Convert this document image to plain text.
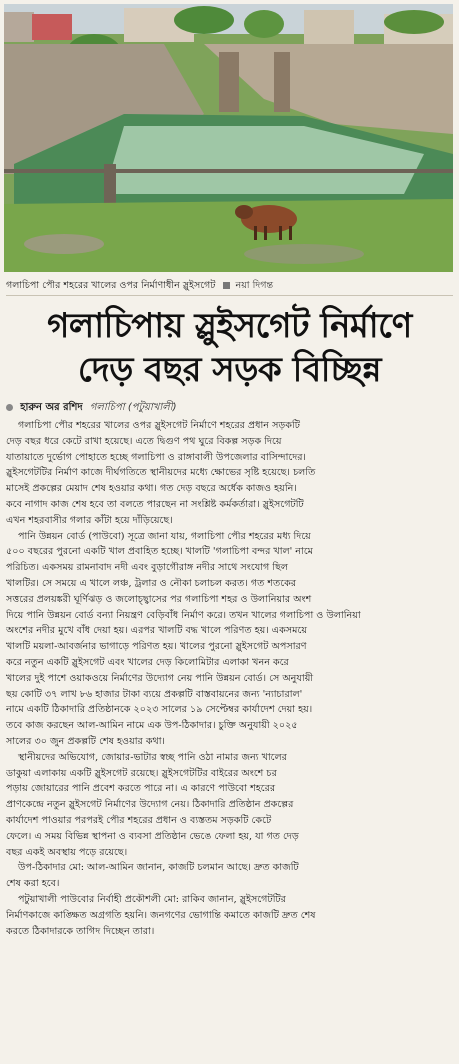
গলাচিপা পৌর শহরের খালের ওপর নির্মাণাধীন স্লুইসগেট নয়া দিগন্ত
গলাচিপায় স্লুইসগেট নির্মাণে
দেড় বছর সড়ক বিচ্ছিন্ন
হারুন অর রশিদ গলাচিপা (পটুয়াখালী)
গলাচিপা পৌর শহরের খালের ওপর স্লুইসগেট নির্মাণে শহরের প্রধান সড়কটি
দেড় বছর ধরে কেটে রাখা হয়েছে। এতে দ্বিগুণ পথ ঘুরে বিকল্প সড়ক দিয়ে
যাতায়াতে দুর্ভোগ পোহাতে হচ্ছে গলাচিপা ও রাঙ্গাবালী উপজেলার বাসিন্দাদের।
স্লুইসগেটটির নির্মাণ কাজে দীর্ঘগতিতে স্থানীয়দের মধ্যে ক্ষোভের সৃষ্টি হয়েছে। চলতি
মাসেই প্রকল্পের মেয়াদ শেষ হওয়ার কথা। গত দেড় বছরে অর্ধেক কাজও হয়নি।
কবে নাগাদ কাজ শেষ হবে তা বলতে পারছেন না সংশ্লিষ্ট কর্মকর্তারা। স্লুইসগেটটি
এখন শহরবাসীর গলার কাঁটা হয়ে দাঁড়িয়েছে।
পানি উন্নয়ন বোর্ড (পাউবো) সূত্রে জানা যায়, গলাচিপা পৌর শহরের মধ্য দিয়ে
৫০০ বছরের পুরনো একটি খাল প্রবাহিত হচ্ছে। খালটি 'গলাচিপা বন্দর খাল' নামে
পরিচিত। একসময় রামনাবাদ নদী এবং বুড়াগৌরাঙ্গ নদীর সাথে সংযোগ ছিল
খালটির। সে সময়ে এ খালে লঞ্চ, ট্রলার ও নৌকা চলাচল করত। গত শতকের
সত্তরের প্রলয়ঙ্করী ঘূর্ণিঝড় ও জলোচ্ছ্বাসের পর গলাচিপা শহর ও উলানিয়ার অংশ
দিয়ে পানি উন্নয়ন বোর্ড বন্যা নিয়ন্ত্রণ বেড়িবাঁধ নির্মাণ করে। তখন খালের গলাচিপা ও উলানিয়া
অংশের নদীর মুখে বাঁধ দেয়া হয়। এরপর খালটি বদ্ধ খালে পরিণত হয়। একসময়ে
খালটি ময়লা-আবর্জনার ভাগাড়ে পরিণত হয়। খালের পুরনো স্লুইসগেট অপসারণ
করে নতুন একটি স্লুইসগেট এবং খালের দেড় কিলোমিটার এলাকা খনন করে
খালের দুই পাশে ওয়াকওয়ে নির্মাণের উদ্যোগ নেয় পানি উন্নয়ন বোর্ড। সে অনুযায়ী
ছয় কোটি ৩৭ লাখ ৮৬ হাজার টাকা ব্যয়ে প্রকল্পটি বাস্তবায়নের জন্য 'ন্যাচারাল'
নামে একটি ঠিকাদারি প্রতিষ্ঠানকে ২০২৩ সালের ১৯ সেপ্টেম্বর কার্যাদেশ দেয়া হয়।
তবে কাজ করছেন আল-আমিন নামে এক উপ-ঠিকাদার। চুক্তি অনুযায়ী ২০২৫
সালের ৩০ জুন প্রকল্পটি শেষ হওয়ার কথা।
স্থানীয়দের অভিযোগ, জোয়ার-ভাটার স্বচ্ছ পানি ওঠা নামার জন্য খালের
ডাকুয়া এলাকায় একটি স্লুইসগেট রয়েছে। স্লুইসগেটটির বাইরের অংশে চর
পড়ায় জোয়ারের পানি প্রবেশ করতে পারে না। এ কারণে পাউবো শহরের
প্রাণকেন্দ্রে নতুন স্লুইসগেট নির্মাণের উদ্যোগ নেয়। ঠিকাদারি প্রতিষ্ঠান প্রকল্পের
কার্যাদেশ পাওয়ার পরপরই পৌর শহরের প্রধান ও ব্যস্ততম সড়কটি কেটে
ফেলে। এ সময় বিভিন্ন স্থাপনা ও ব্যবসা প্রতিষ্ঠান ভেঙে ফেলা হয়, যা গত দেড়
বছর একই অবস্থায় পড়ে রয়েছে।
উপ-ঠিকাদার মো: আল-আমিন জানান, কাজটি চলমান আছে। দ্রুত কাজটি
শেষ করা হবে।
পটুয়াখালী পাউবোর নির্বাহী প্রকৌশলী মো: রাকিব জানান, স্লুইসগেটটির
নির্মাণকাজে কাঙ্ক্ষিত অগ্রগতি হয়নি। জনগণের ভোগান্তি কমাতে কাজটি দ্রুত শেষ
করতে ঠিকাদারকে তাগিদ দিচ্ছেন তারা।
